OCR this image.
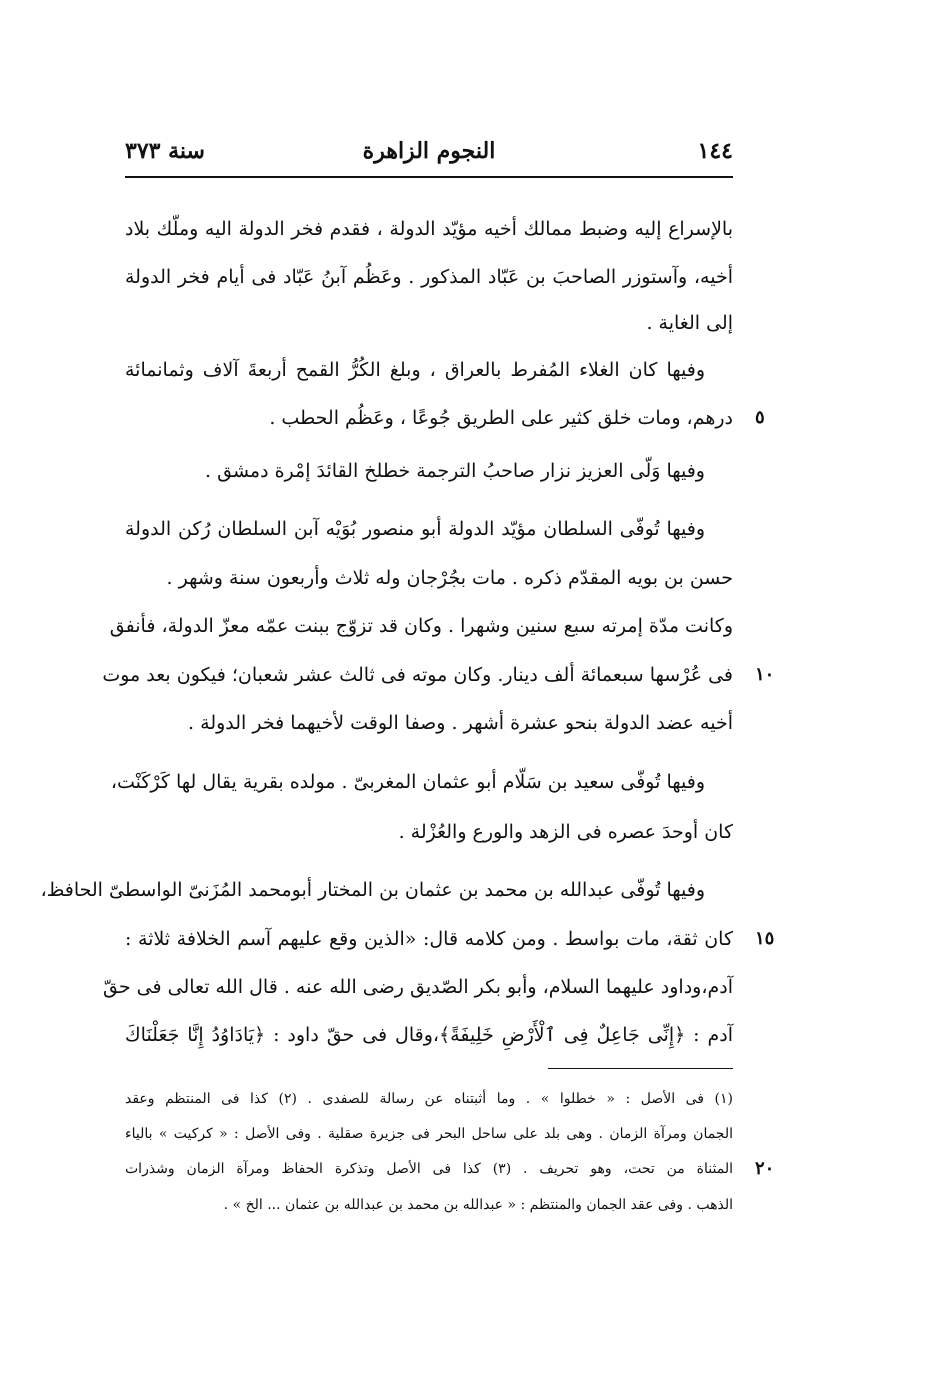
١٤٤
النجوم الزاهرة
سنة ٣٧٣
بالإسراع إليه وضبط ممالك أخيه مؤيّد الدولة ، فقدم فخر الدولة اليه وملّك بلاد
أخيه، وآستوزر الصاحبَ بن عَبّاد المذكور . وعَظُم آبنُ عَبّاد فى أيام فخر الدولة
إلى الغاية .
وفيها كان الغلاء المُفرط بالعراق ، وبلغ الكُرُّ القمح أربعةَ آلاف وثمانمائة
درهم، ومات خلق كثير على الطريق جُوعًا ، وعَظُم الحطب .
وفيها وَلّى العزيز نزار صاحبُ الترجمة خطلخ القائدَ إمْرة دمشق .
وفيها تُوفّى السلطان مؤيّد الدولة أبو منصور بُوَيْه آبن السلطان رُكن الدولة
حسن بن بويه المقدّم ذكره . مات بجُرْجان وله ثلاث وأربعون سنة وشهر .
وكانت مدّة إمرته سبع سنين وشهرا . وكان قد تزوّج ببنت عمّه معزّ الدولة، فأنفق
فى عُرْسها سبعمائة ألف دينار. وكان موته فى ثالث عشر شعبان؛ فيكون بعد موت
أخيه عضد الدولة بنحو عشرة أشهر . وصفا الوقت لأخيهما فخر الدولة .
وفيها تُوفّى سعيد بن سَلّام أبو عثمان المغربىّ . مولده بقرية يقال لها كَرْكَنْت،
كان أوحدَ عصره فى الزهد والورع والعُزْلة .
وفيها تُوفّى عبدالله بن محمد بن عثمان بن المختار أبومحمد المُزَنىّ الواسطىّ الحافظ،
كان ثقة، مات بواسط . ومن كلامه قال: «الذين وقع عليهم آسم الخلافة ثلاثة :
آدم،وداود عليهما السلام، وأبو بكر الصّديق رضى الله عنه . قال الله تعالى فى حقّ
آدم : ﴿إِنِّى جَاعِلٌ فِى ٱلْأَرْضِ خَلِيفَةً﴾،وقال فى حقّ داود : ﴿يَادَاوُدُ إِنَّا جَعَلْنَاكَ
٥
١٠
١٥
٢٠
(١) فى الأصل : « خطلوا » . وما أثبتناه عن رسالة للصفدى . (٢) كذا فى المنتظم وعقد
الجمان ومرآة الزمان . وهى بلد على ساحل البحر فى جزيرة صقلية . وفى الأصل : « كركيت » بالياء
المثناة من تحت، وهو تحريف . (٣) كذا فى الأصل وتذكرة الحفاظ ومرآة الزمان وشذرات
الذهب . وفى عقد الجمان والمنتظم : « عبدالله بن محمد بن عبدالله بن عثمان ... الخ » .
